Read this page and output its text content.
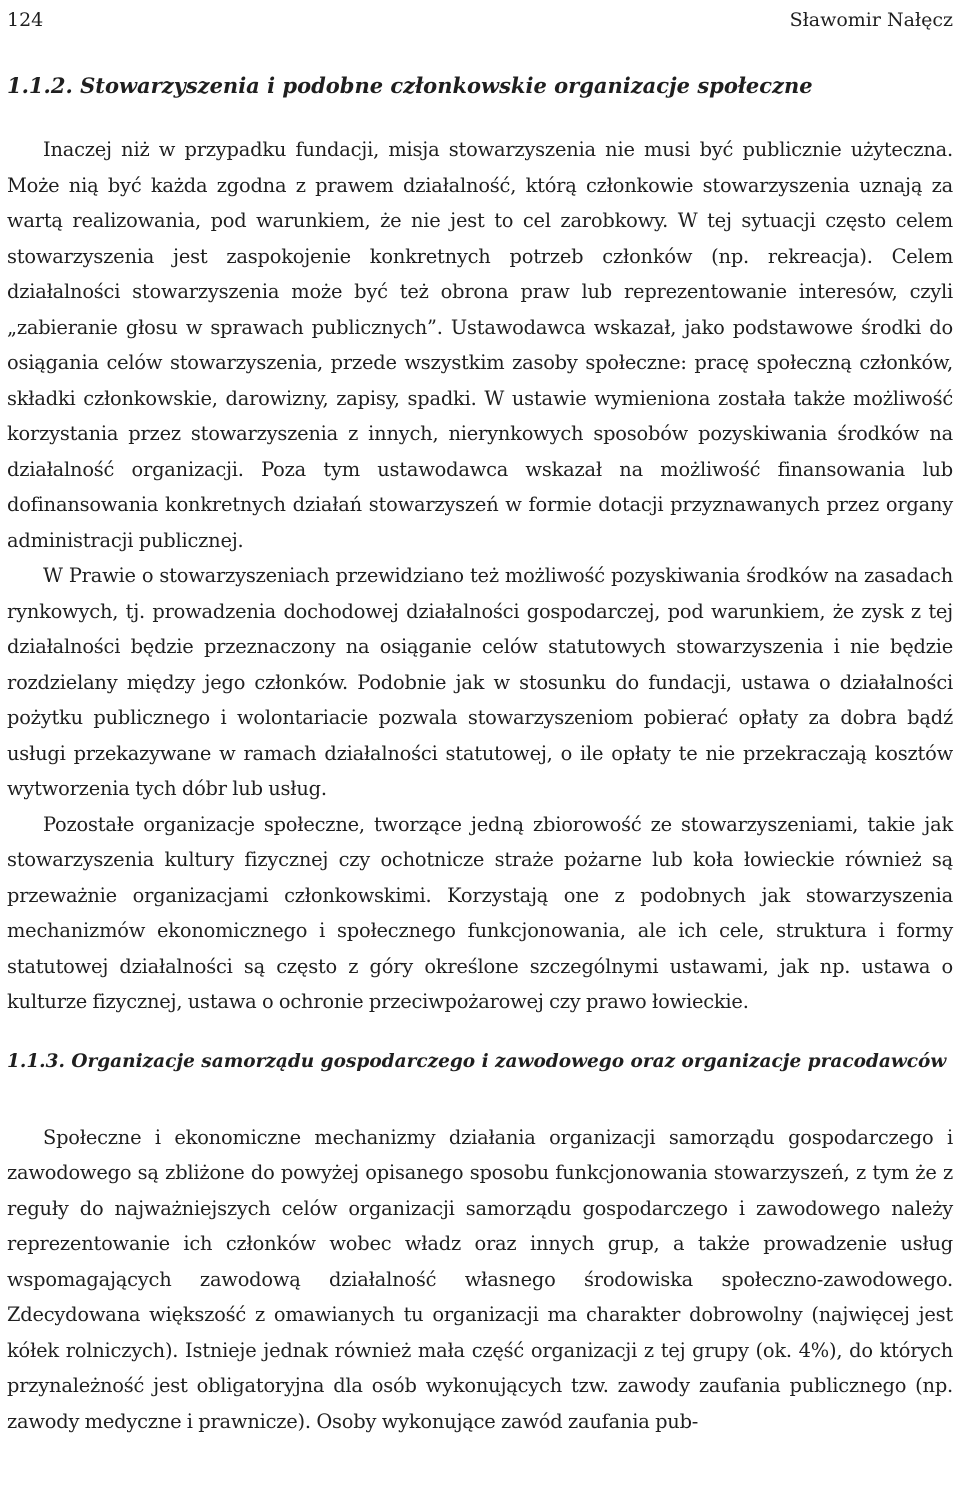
124	Sławomir Nałęcz
1.1.2. Stowarzyszenia i podobne członkowskie organizacje społeczne

Inaczej niż w przypadku fundacji, misja stowarzyszenia nie musi być publicznie użyteczna. Może nią być każda zgodna z prawem działalność, którą członkowie stowarzyszenia uznają za wartą realizowania, pod warunkiem, że nie jest to cel zarobkowy. W tej sytuacji często celem stowarzyszenia jest zaspokojenie konkretnych potrzeb członków (np. rekreacja). Celem działalności stowarzyszenia może być też obrona praw lub reprezentowanie interesów, czyli „zabieranie głosu w sprawach publicznych”. Ustawodawca wskazał, jako podstawowe środki do osiągania celów stowarzyszenia, przede wszystkim zasoby społeczne: pracę społeczną członków, składki członkowskie, darowizny, zapisy, spadki. W ustawie wymieniona została także możliwość korzystania przez stowarzyszenia z innych, nierynkowych sposobów pozyskiwania środków na działalność organizacji. Poza tym ustawodawca wskazał na możliwość finansowania lub dofinansowania konkretnych działań stowarzyszeń w formie dotacji przyznawanych przez organy administracji publicznej.

W Prawie o stowarzyszeniach przewidziano też możliwość pozyskiwania środków na zasadach rynkowych, tj. prowadzenia dochodowej działalności gospodarczej, pod warunkiem, że zysk z tej działalności będzie przeznaczony na osiąganie celów statutowych stowarzyszenia i nie będzie rozdzielany między jego członków. Podobnie jak w stosunku do fundacji, ustawa o działalności pożytku publicznego i wolontariacie pozwala stowarzyszeniom pobierać opłaty za dobra bądź usługi przekazywane w ramach działalności statutowej, o ile opłaty te nie przekraczają kosztów wytworzenia tych dóbr lub usług.

Pozostałe organizacje społeczne, tworzące jedną zbiorowość ze stowarzyszeniami, takie jak stowarzyszenia kultury fizycznej czy ochotnicze straże pożarne lub koła łowieckie również są przeważnie organizacjami członkowskimi. Korzystają one z podobnych jak stowarzyszenia mechanizmów ekonomicznego i społecznego funkcjonowania, ale ich cele, struktura i formy statutowej działalności są często z góry określone szczególnymi ustawami, jak np. ustawa o kulturze fizycznej, ustawa o ochronie przeciwpożarowej czy prawo łowieckie.

1.1.3. Organizacje samorządu gospodarczego i zawodowego oraz organizacje pracodawców

Społeczne i ekonomiczne mechanizmy działania organizacji samorządu gospodarczego i zawodowego są zbliżone do powyżej opisanego sposobu funkcjonowania stowarzyszeń, z tym że z reguły do najważniejszych celów organizacji samorządu gospodarczego i zawodowego należy reprezentowanie ich członków wobec władz oraz innych grup, a także prowadzenie usług wspomagających zawodową działalność własnego środowiska społeczno-zawodowego. Zdecydowana większość z omawianych tu organizacji ma charakter dobrowolny (najwięcej jest kółek rolniczych). Istnieje jednak również mała część organizacji z tej grupy (ok. 4%), do których przynależność jest obligatoryjna dla osób wykonujących tzw. zawody zaufania publicznego (np. zawody medyczne i prawnicze). Osoby wykonujące zawód zaufania pub-
